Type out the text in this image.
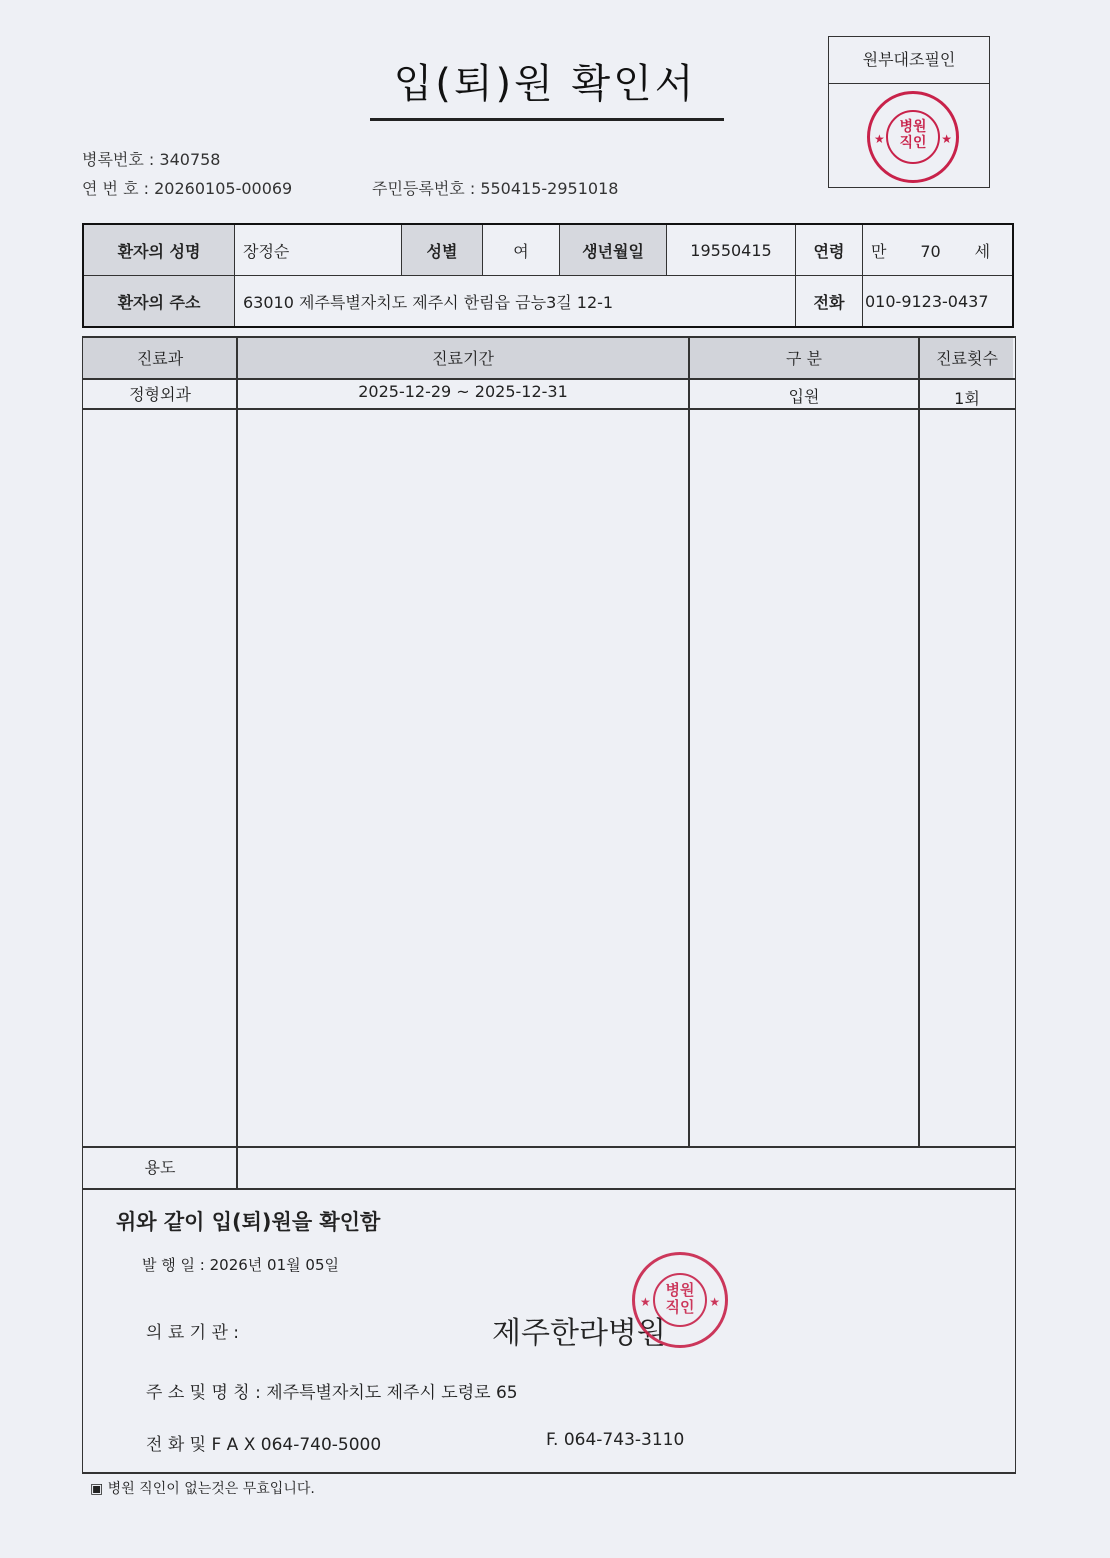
입(퇴)원 확인서
병록번호 : 340758
연 번 호 : 20260105-00069	주민등록번호 : 550415-2951018
원부대조필인
병원
직인
★	★
환자의 성명	장정순	성별	여	생년월일	19550415	연령	만 70 세
환자의 주소	63010 제주특별자치도 제주시 한림읍 금능3길 12-1					전화	010-9123-0437
진료과	진료기간	구 분	진료횟수
정형외과	2025-12-29 ~ 2025-12-31	입원	1회
용도
위와 같이 입(퇴)원을 확인함
발 행 일 : 2026년 01월 05일
의 료 기 관 :	제주한라병원
병원
직인
★	★
주 소 및 명 칭 : 제주특별자치도 제주시 도령로 65
전 화 및 F A X 064-740-5000	F. 064-743-3110
▣ 병원 직인이 없는것은 무효입니다.
